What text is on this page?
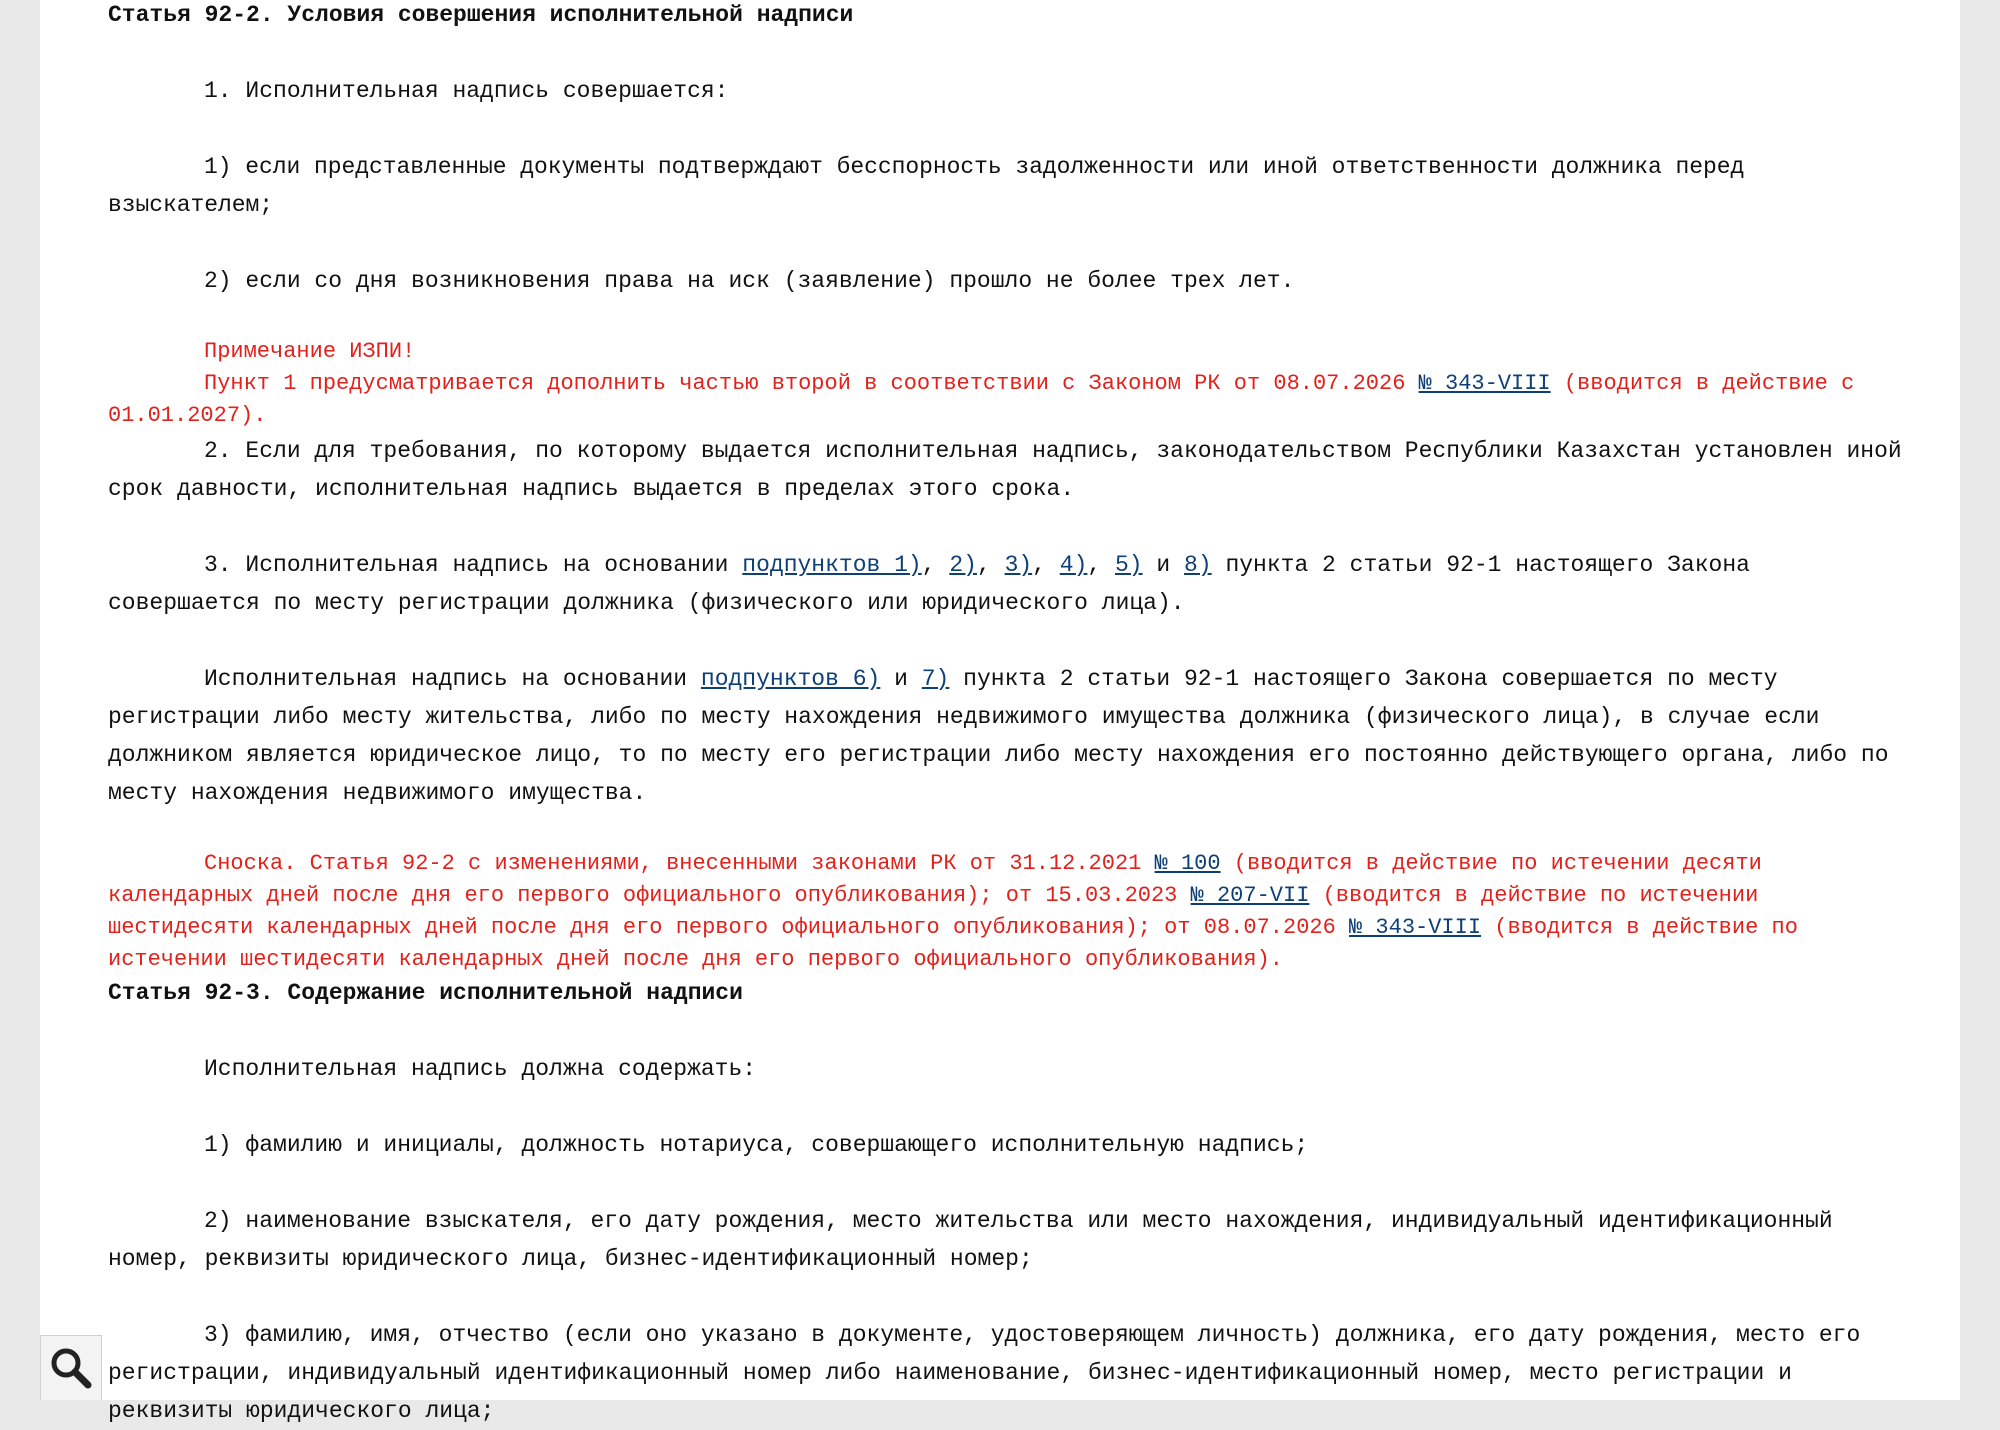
Статья 92-2. Условия совершения исполнительной надписи

1. Исполнительная надпись совершается:

1) если представленные документы подтверждают бесспорность задолженности или иной ответственности должника перед взыскателем;

2) если со дня возникновения права на иск (заявление) прошло не более трех лет.

Примечание ИЗПИ!
Пункт 1 предусматривается дополнить частью второй в соответствии с Законом РК от 08.07.2026 № 343-VIII (вводится в действие с 01.01.2027).

2. Если для требования, по которому выдается исполнительная надпись, законодательством Республики Казахстан установлен иной срок давности, исполнительная надпись выдается в пределах этого срока.

3. Исполнительная надпись на основании подпунктов 1), 2), 3), 4), 5) и 8) пункта 2 статьи 92-1 настоящего Закона совершается по месту регистрации должника (физического или юридического лица).

Исполнительная надпись на основании подпунктов 6) и 7) пункта 2 статьи 92-1 настоящего Закона совершается по месту регистрации либо месту жительства, либо по месту нахождения недвижимого имущества должника (физического лица), в случае если должником является юридическое лицо, то по месту его регистрации либо месту нахождения его постоянно действующего органа, либо по месту нахождения недвижимого имущества.

Сноска. Статья 92-2 с изменениями, внесенными законами РК от 31.12.2021 № 100 (вводится в действие по истечении десяти календарных дней после дня его первого официального опубликования); от 15.03.2023 № 207-VII (вводится в действие по истечении шестидесяти календарных дней после дня его первого официального опубликования); от 08.07.2026 № 343-VIII (вводится в действие по истечении шестидесяти календарных дней после дня его первого официального опубликования).

Статья 92-3. Содержание исполнительной надписи

Исполнительная надпись должна содержать:

1) фамилию и инициалы, должность нотариуса, совершающего исполнительную надпись;

2) наименование взыскателя, его дату рождения, место жительства или место нахождения, индивидуальный идентификационный номер, реквизиты юридического лица, бизнес-идентификационный номер;

3) фамилию, имя, отчество (если оно указано в документе, удостоверяющем личность) должника, его дату рождения, место его регистрации, индивидуальный идентификационный номер либо наименование, бизнес-идентификационный номер, место регистрации и реквизиты юридического лица;
